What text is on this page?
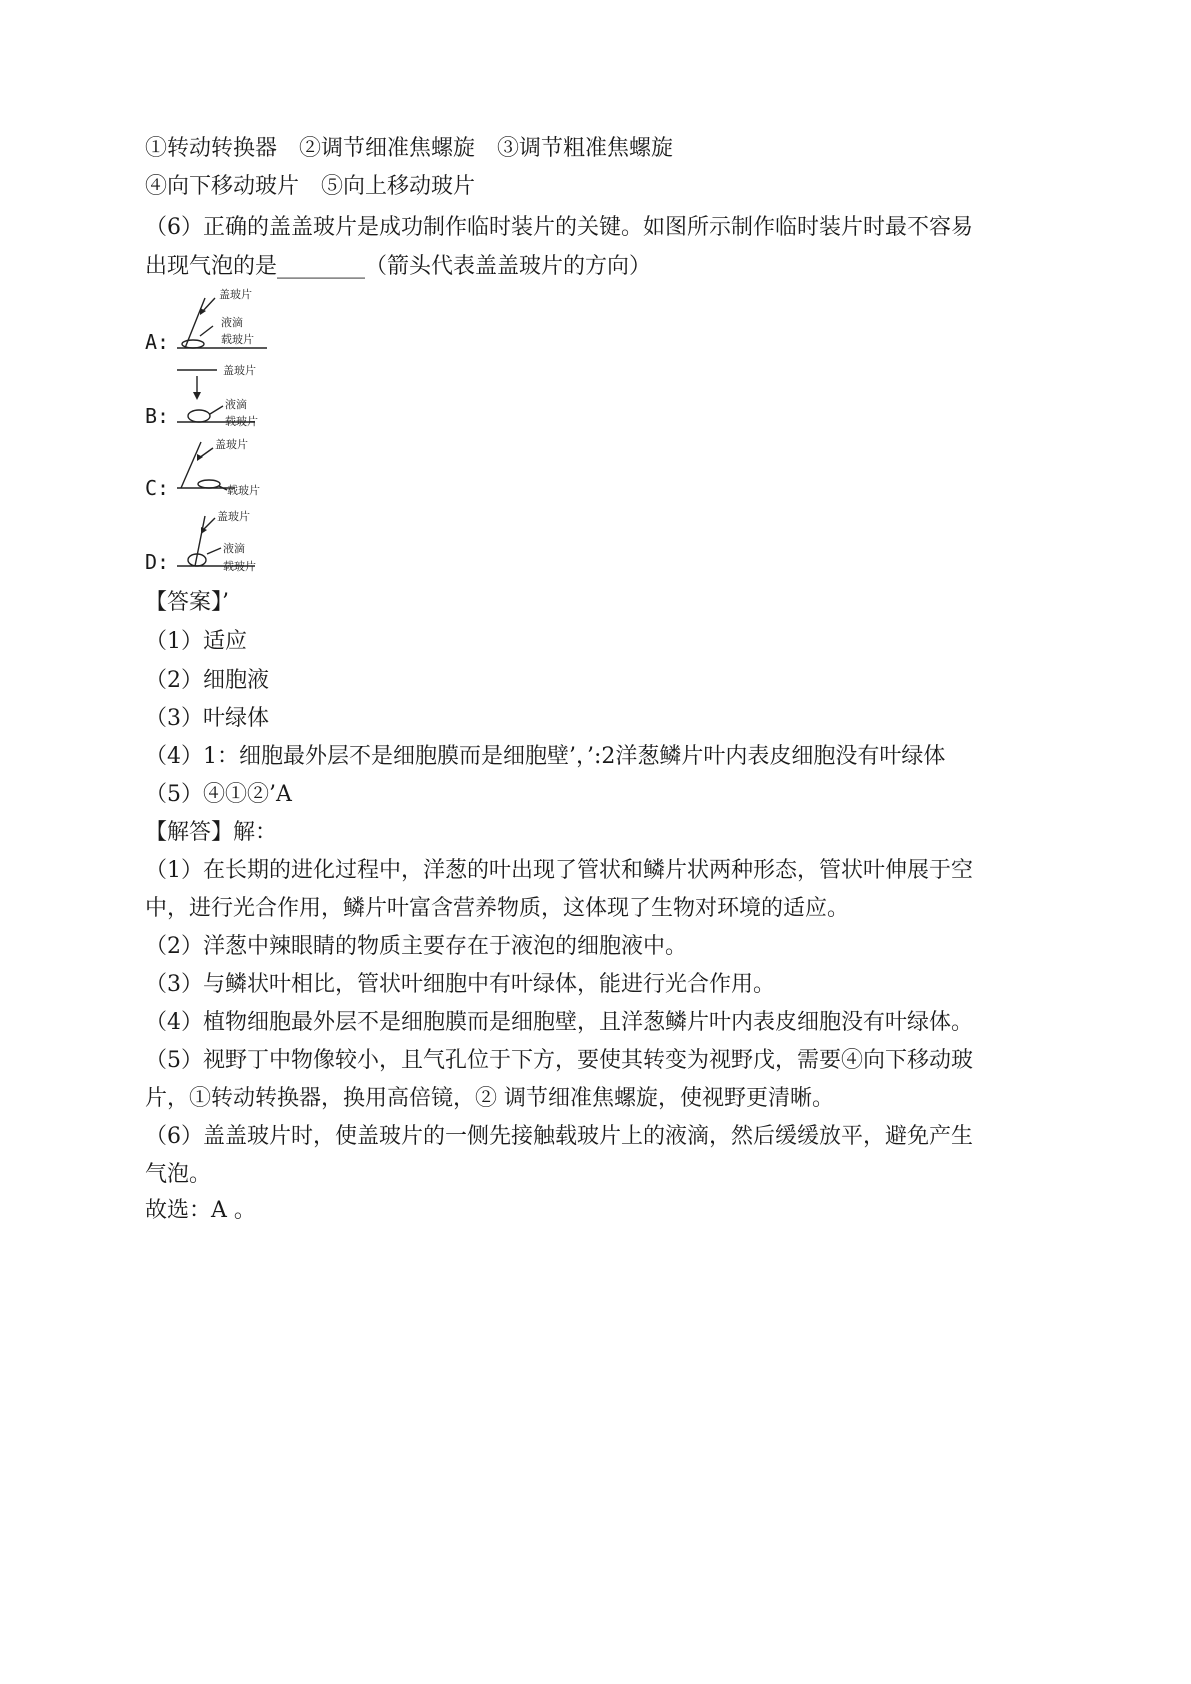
①转动转换器　②调节细准焦螺旋　③调节粗准焦螺旋
④向下移动玻片　⑤向上移动玻片
（6）正确的盖盖玻片是成功制作临时装片的关键。如图所示制作临时装片时最不容易
出现气泡的是________（箭头代表盖盖玻片的方向）
A:
盖玻片
液滴
载玻片
B:
盖玻片
液滴
载玻片
C:
盖玻片
载玻片
D:
盖玻片
液滴
载玻片
【答案】’
（1）适应
（2）细胞液
（3）叶绿体
（4）1：细胞最外层不是细胞膜而是细胞壁’，’:2洋葱鳞片叶内表皮细胞没有叶绿体
（5）④①②’A
【解答】解：
（1）在长期的进化过程中，洋葱的叶出现了管状和鳞片状两种形态，管状叶伸展于空
中，进行光合作用，鳞片叶富含营养物质，这体现了生物对环境的适应。
（2）洋葱中辣眼睛的物质主要存在于液泡的细胞液中。
（3）与鳞状叶相比，管状叶细胞中有叶绿体，能进行光合作用。
（4）植物细胞最外层不是细胞膜而是细胞壁，且洋葱鳞片叶内表皮细胞没有叶绿体。
（5）视野丁中物像较小，且气孔位于下方，要使其转变为视野戊，需要④向下移动玻
片，①转动转换器，换用高倍镜，② 调节细准焦螺旋，使视野更清晰。
（6）盖盖玻片时，使盖玻片的一侧先接触载玻片上的液滴，然后缓缓放平，避免产生
气泡。
故选：A 。
